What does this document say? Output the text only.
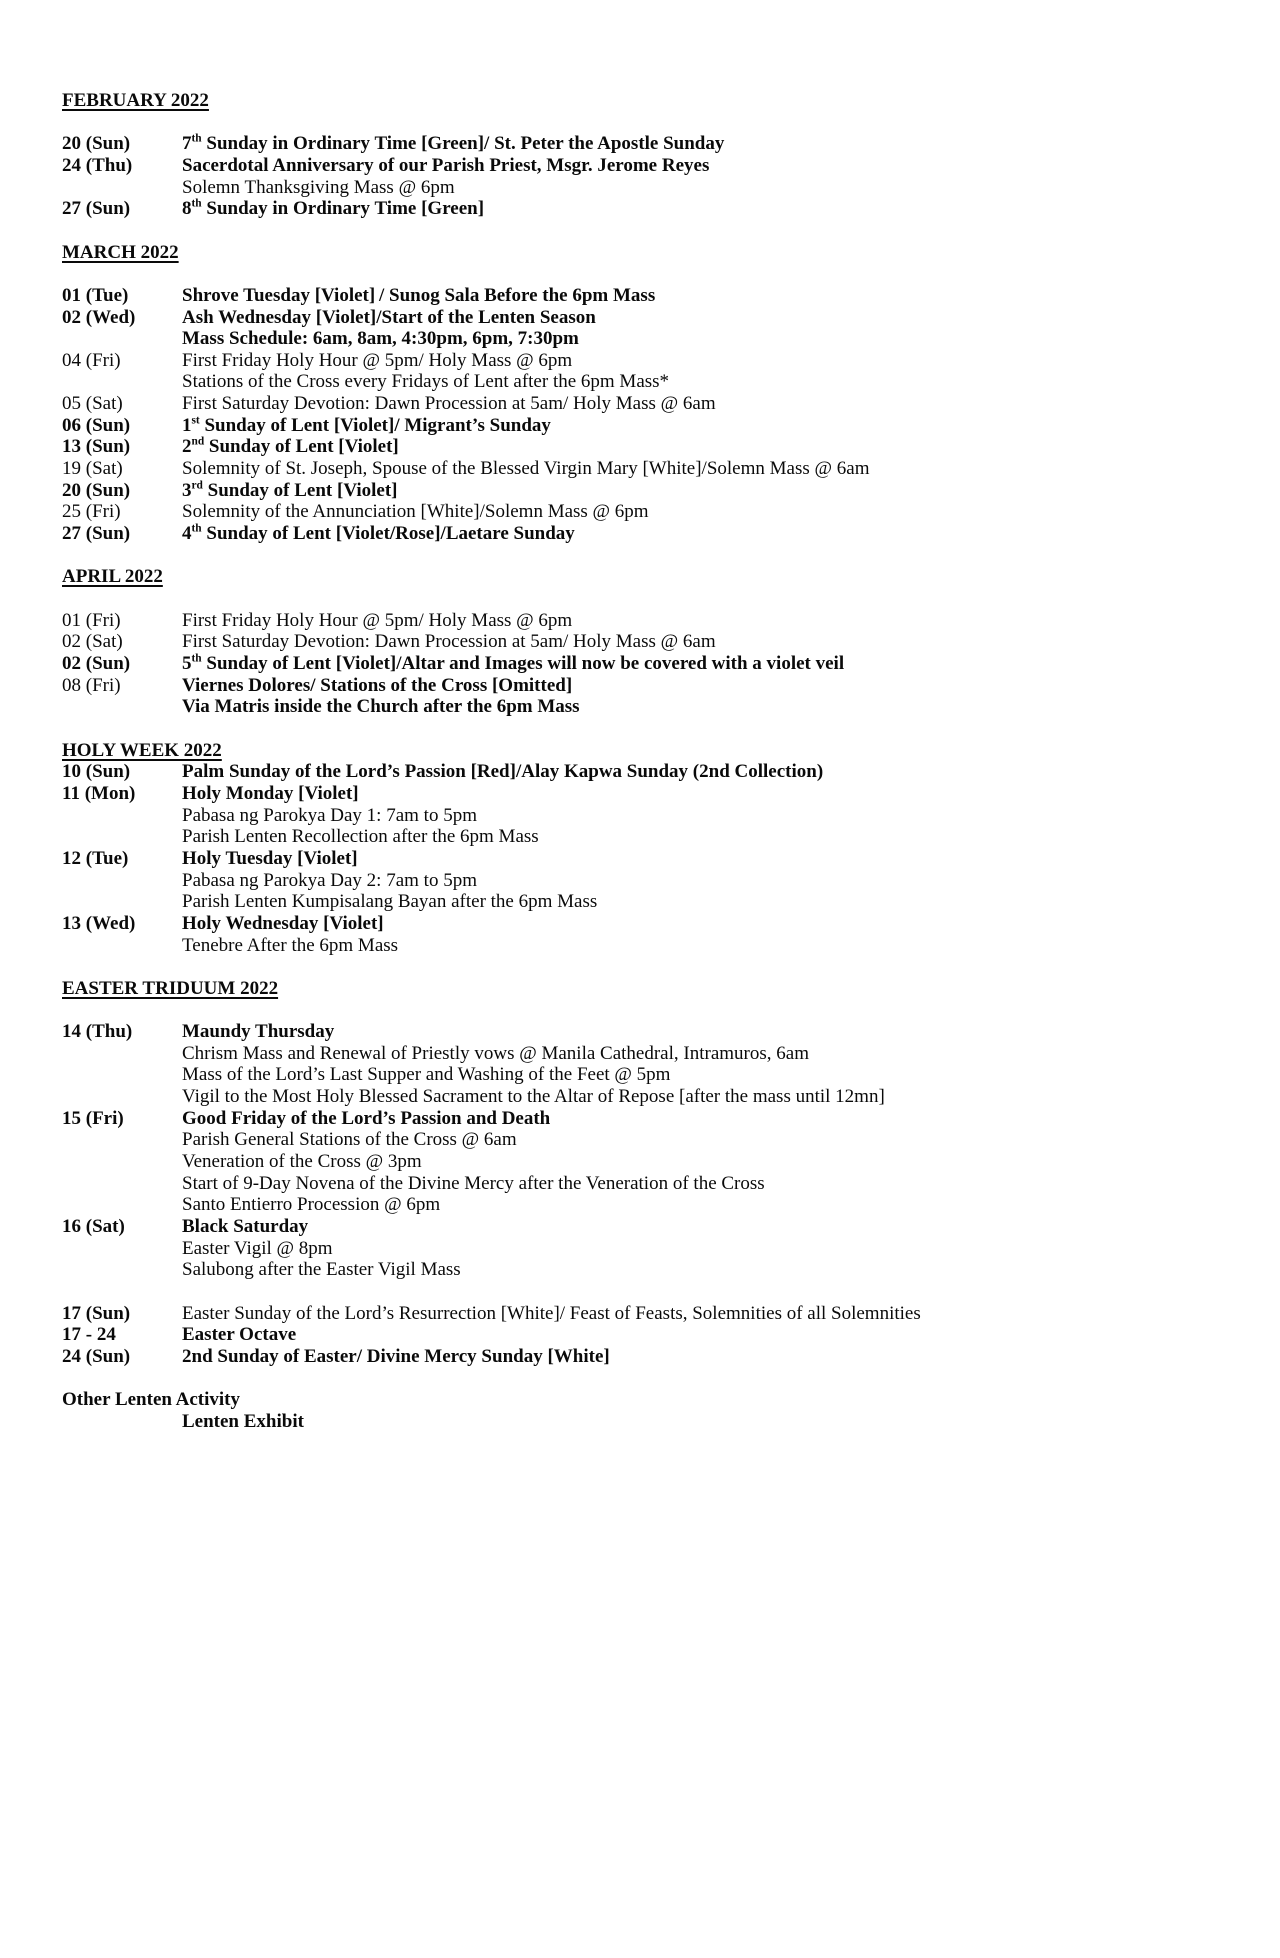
FEBRUARY 2022
20 (Sun)	7th Sunday in Ordinary Time [Green]/ St. Peter the Apostle Sunday
24 (Thu)	Sacerdotal Anniversary of our Parish Priest, Msgr. Jerome Reyes
Solemn Thanksgiving Mass @ 6pm
27 (Sun)	8th Sunday in Ordinary Time [Green]
MARCH 2022
01 (Tue)	Shrove Tuesday [Violet] / Sunog Sala Before the 6pm Mass
02 (Wed)	Ash Wednesday [Violet]/Start of the Lenten Season
Mass Schedule: 6am, 8am, 4:30pm, 6pm, 7:30pm
04 (Fri)	First Friday Holy Hour @ 5pm/ Holy Mass @ 6pm
Stations of the Cross every Fridays of Lent after the 6pm Mass*
05 (Sat)	First Saturday Devotion: Dawn Procession at 5am/ Holy Mass @ 6am
06 (Sun)	1st Sunday of Lent [Violet]/ Migrant’s Sunday
13 (Sun)	2nd Sunday of Lent [Violet]
19 (Sat)	Solemnity of St. Joseph, Spouse of the Blessed Virgin Mary [White]/Solemn Mass @ 6am
20 (Sun)	3rd Sunday of Lent [Violet]
25 (Fri)	Solemnity of the Annunciation [White]/Solemn Mass @ 6pm
27 (Sun)	4th Sunday of Lent [Violet/Rose]/Laetare Sunday
APRIL 2022
01 (Fri)	First Friday Holy Hour @ 5pm/ Holy Mass @ 6pm
02 (Sat)	First Saturday Devotion: Dawn Procession at 5am/ Holy Mass @ 6am
02 (Sun)	5th Sunday of Lent [Violet]/Altar and Images will now be covered with a violet veil
08 (Fri)	Viernes Dolores/ Stations of the Cross [Omitted]
Via Matris inside the Church after the 6pm Mass
HOLY WEEK 2022
10 (Sun)	Palm Sunday of the Lord’s Passion [Red]/Alay Kapwa Sunday (2nd Collection)
11 (Mon)	Holy Monday [Violet]
Pabasa ng Parokya Day 1: 7am to 5pm
Parish Lenten Recollection after the 6pm Mass
12 (Tue)	Holy Tuesday [Violet]
Pabasa ng Parokya Day 2: 7am to 5pm
Parish Lenten Kumpisalang Bayan after the 6pm Mass
13 (Wed)	Holy Wednesday [Violet]
Tenebre After the 6pm Mass
EASTER TRIDUUM 2022
14 (Thu)	Maundy Thursday
Chrism Mass and Renewal of Priestly vows @ Manila Cathedral, Intramuros, 6am
Mass of the Lord’s Last Supper and Washing of the Feet @ 5pm
Vigil to the Most Holy Blessed Sacrament to the Altar of Repose [after the mass until 12mn]
15 (Fri)	Good Friday of the Lord’s Passion and Death
Parish General Stations of the Cross @ 6am
Veneration of the Cross @ 3pm
Start of 9-Day Novena of the Divine Mercy after the Veneration of the Cross
Santo Entierro Procession @ 6pm
16 (Sat)	Black Saturday
Easter Vigil @ 8pm
Salubong after the Easter Vigil Mass
17 (Sun)	Easter Sunday of the Lord’s Resurrection [White]/ Feast of Feasts, Solemnities of all Solemnities
17 - 24	Easter Octave
24 (Sun)	2nd Sunday of Easter/ Divine Mercy Sunday [White]
Other Lenten Activity
Lenten Exhibit
